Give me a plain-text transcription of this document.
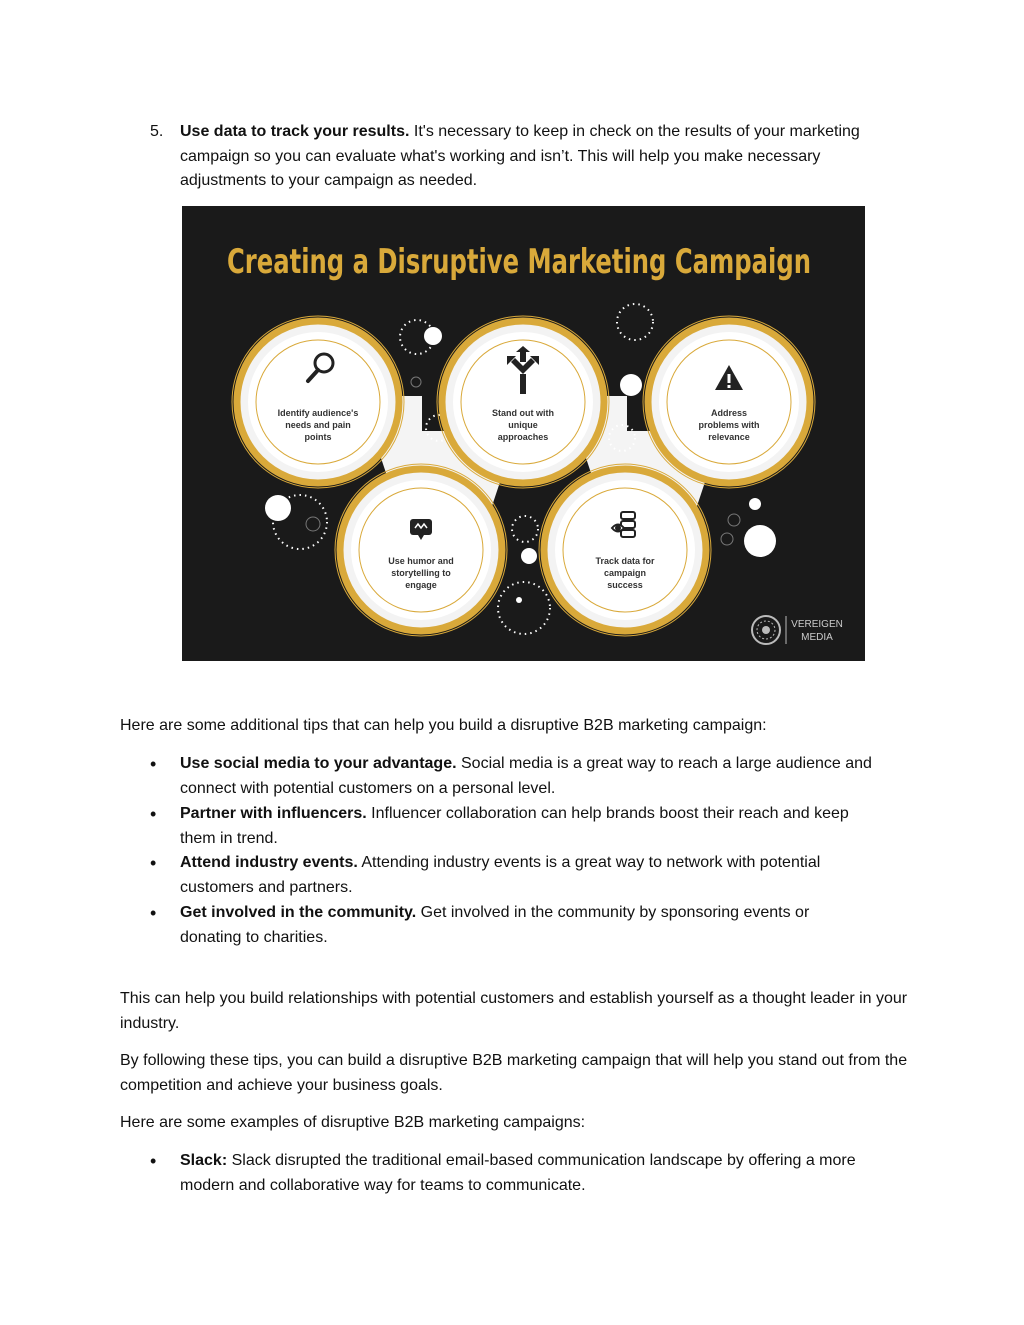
5. Use data to track your results. It's necessary to keep in check on the results of your marketing campaign so you can evaluate what's working and isn’t. This will help you make necessary adjustments to your campaign as needed.
Creating a Disruptive Marketing Campaign
Identify audience's
needs and pain
points
Stand out with
unique
approaches
Address
problems with
relevance
Use humor and
storytelling to
engage
Track data for
campaign
success
VEREIGEN
MEDIA

Here are some additional tips that can help you build a disruptive B2B marketing campaign:

• Use social media to your advantage. Social media is a great way to reach a large audience and
connect with potential customers on a personal level.
• Partner with influencers. Influencer collaboration can help brands boost their reach and keep
them in trend.
• Attend industry events. Attending industry events is a great way to network with potential
customers and partners.
• Get involved in the community. Get involved in the community by sponsoring events or
donating to charities.

This can help you build relationships with potential customers and establish yourself as a thought leader in your industry.

By following these tips, you can build a disruptive B2B marketing campaign that will help you stand out from the competition and achieve your business goals.

Here are some examples of disruptive B2B marketing campaigns:

• Slack: Slack disrupted the traditional email-based communication landscape by offering a more
modern and collaborative way for teams to communicate.
